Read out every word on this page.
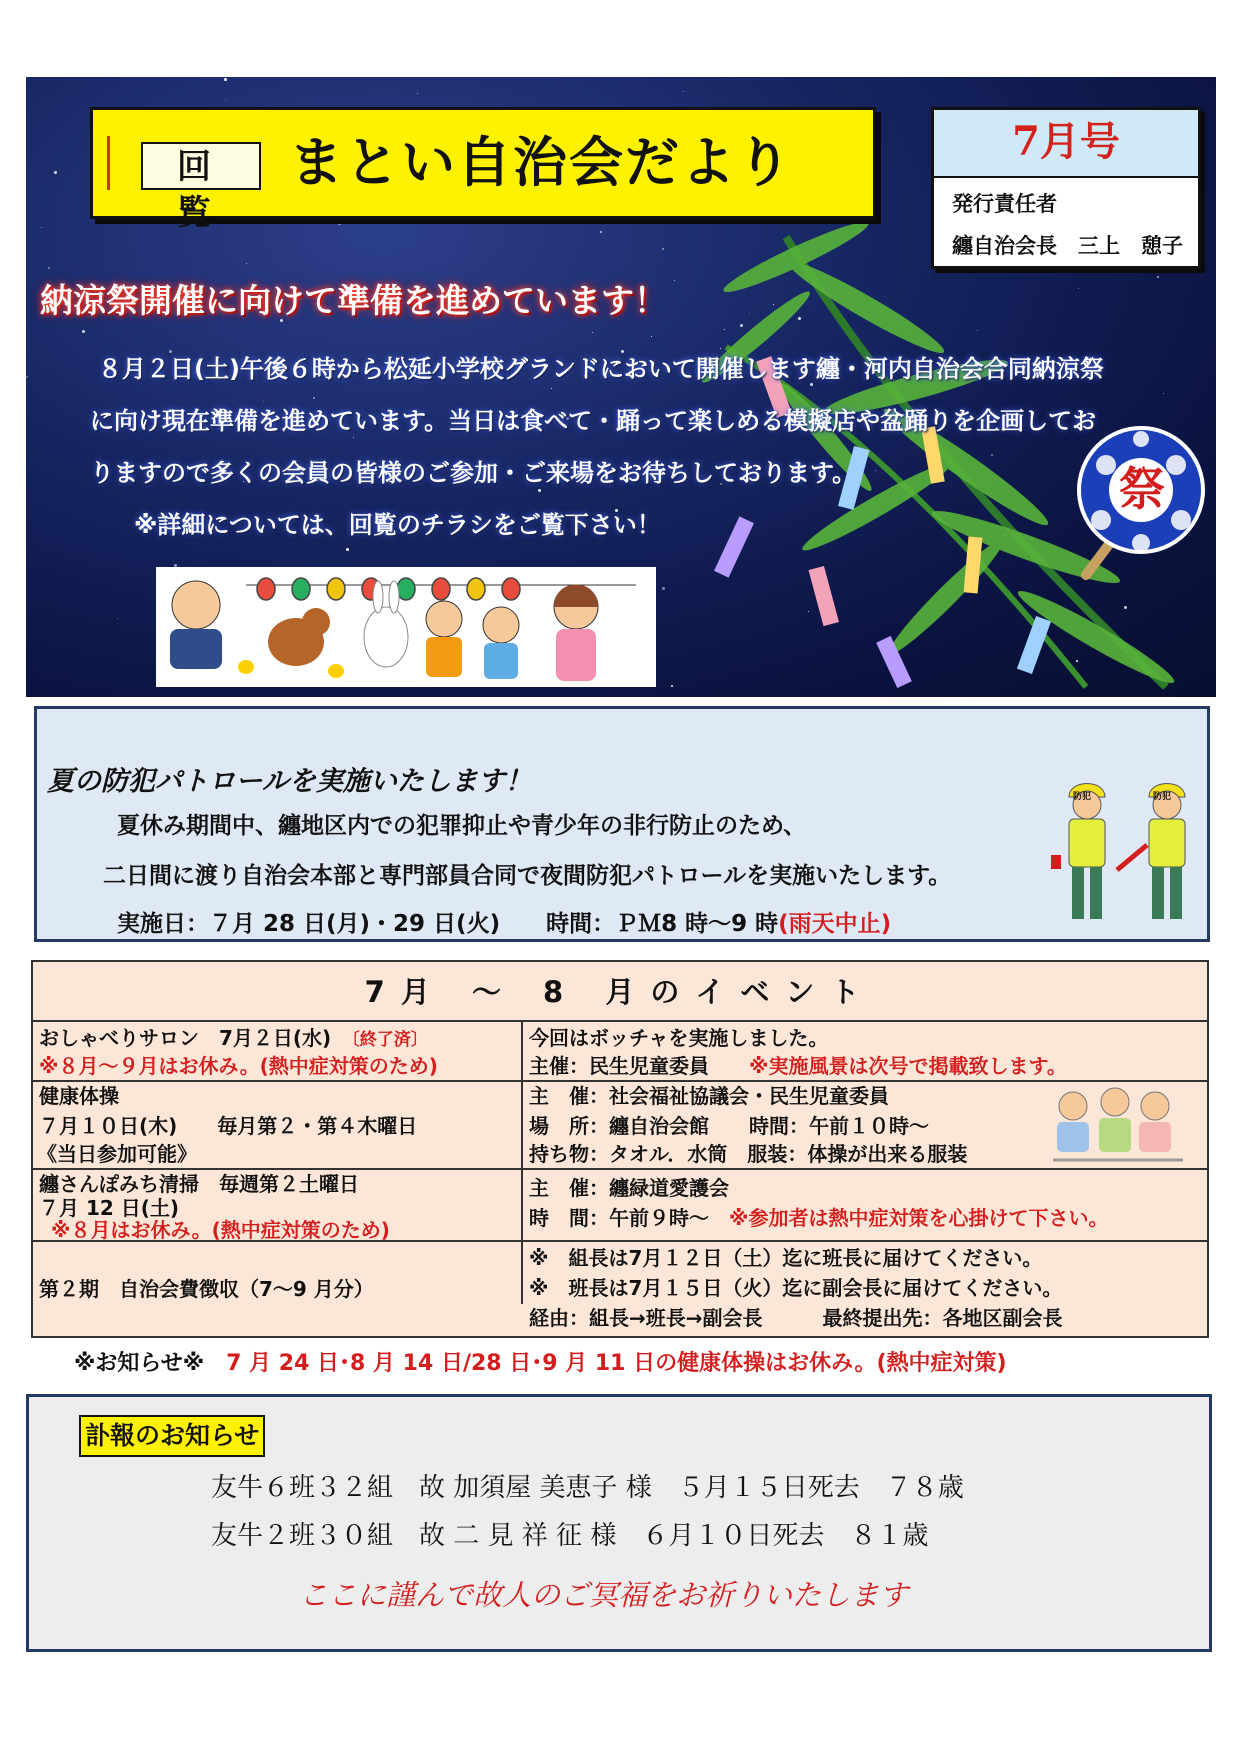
祭
回　覧
まとい自治会だより	7月号
発行責任者
纏自治会長　三上　憩子
納涼祭開催に向けて準備を進めています！
８月２日(土)午後６時から松延小学校グランドにおいて開催します纏・河内自治会合同納涼祭
に向け現在準備を進めています。当日は食べて・踊って楽しめる模擬店や盆踊りを企画してお
りますので多くの会員の皆様のご参加・ご来場をお待ちしております。
※詳細については、回覧のチラシをご覧下さい！
夏の防犯パトロールを実施いたします！
夏休み期間中、纏地区内での犯罪抑止や青少年の非行防止のため、
二日間に渡り自治会本部と専門部員合同で夜間防犯パトロールを実施いたします。
実施日：７月 28 日(月)・29 日(火)　　時間：ＰＭ8 時～9 時(雨天中止)
防犯	防犯
7月 ～ 8 月のイベント
おしゃべりサロン　7月２日(水)　〔終了済〕
※８月～９月はお休み。(熱中症対策のため)
今回はボッチャを実施しました。
主催：民生児童委員　　※実施風景は次号で掲載致します。
健康体操
７月１０日(木)　　毎月第２・第４木曜日
《当日参加可能》
主　催：社会福祉協議会・民生児童委員
場　所：纏自治会館　　時間：午前１０時～
持ち物：タオル．水筒　服装：体操が出来る服装
纏さんぽみち清掃　毎週第２土曜日
７月 12 日(土)
※８月はお休み。(熱中症対策のため)
主　催：纏緑道愛護会
時　間：午前９時～　※参加者は熱中症対策を心掛けて下さい。
第２期　自治会費徴収（7～9 月分）
※　組長は7月１２日（土）迄に班長に届けてください。
※　班長は7月１５日（火）迄に副会長に届けてください。
経由：組長→班長→副会長　　　最終提出先：各地区副会長
※お知らせ※　 7 月 24 日･8 月 14 日/28 日･9 月 11 日の健康体操はお休み。(熱中症対策)
訃報のお知らせ
友牛６班３２組　故 加須屋 美恵子 様　５月１５日死去　７８歳
友牛２班３０組　故 二 見 祥 征 様　６月１０日死去　８１歳
ここに謹んで故人のご冥福をお祈りいたします
